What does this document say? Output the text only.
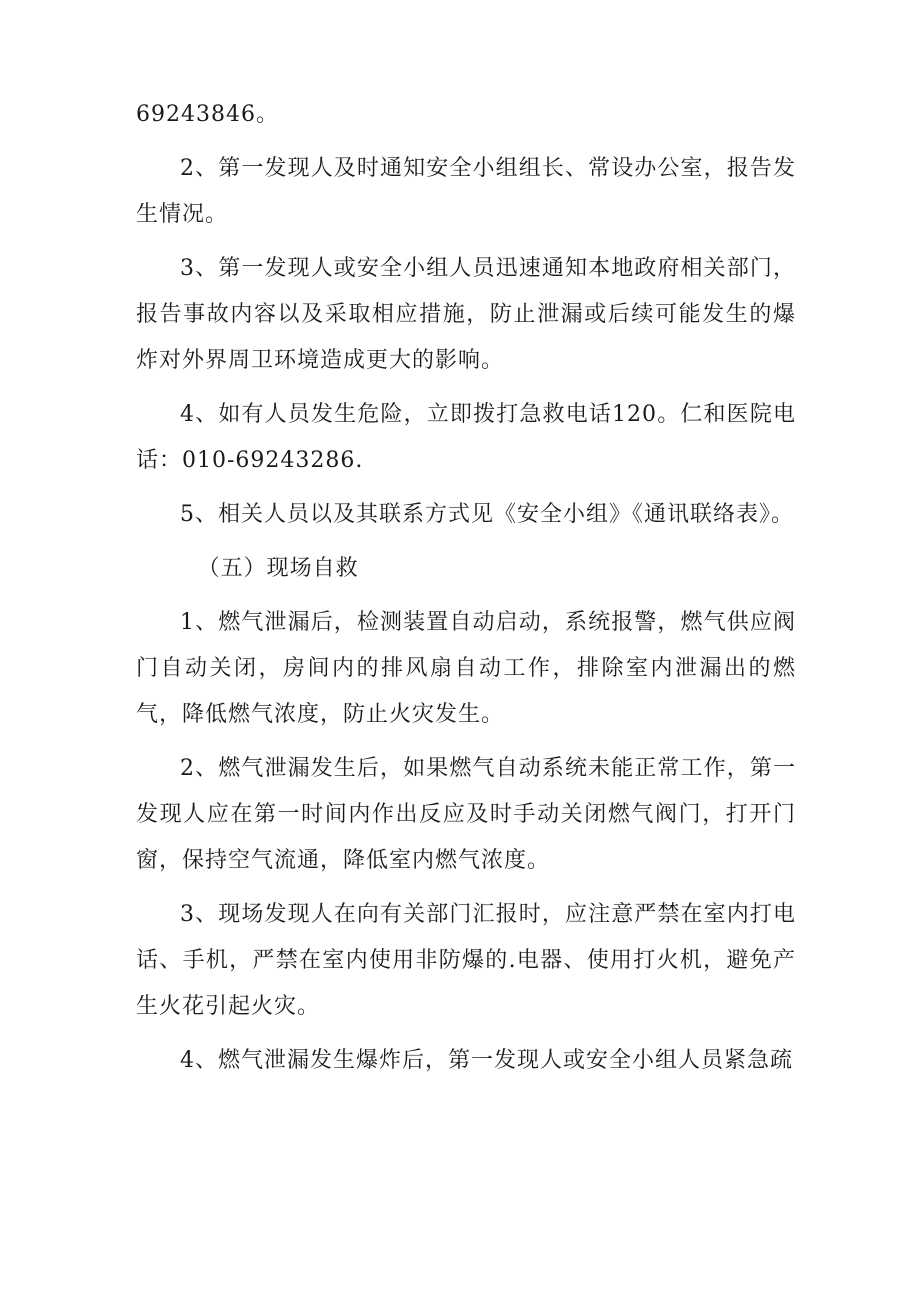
69243846。

2、第一发现人及时通知安全小组组长、常设办公室，报告发生情况。

3、第一发现人或安全小组人员迅速通知本地政府相关部门，报告事故内容以及采取相应措施，防止泄漏或后续可能发生的爆炸对外界周卫环境造成更大的影响。

4、如有人员发生危险，立即拨打急救电话120。仁和医院电话：010-69243286.

5、相关人员以及其联系方式见《安全小组》《通讯联络表》。

（五）现场自救

1、燃气泄漏后，检测装置自动启动，系统报警，燃气供应阀门自动关闭，房间内的排风扇自动工作，排除室内泄漏出的燃气，降低燃气浓度，防止火灾发生。

2、燃气泄漏发生后，如果燃气自动系统未能正常工作，第一发现人应在第一时间内作出反应及时手动关闭燃气阀门，打开门窗，保持空气流通，降低室内燃气浓度。

3、现场发现人在向有关部门汇报时，应注意严禁在室内打电话、手机，严禁在室内使用非防爆的.电器、使用打火机，避免产生火花引起火灾。

4、燃气泄漏发生爆炸后，第一发现人或安全小组人员紧急疏
